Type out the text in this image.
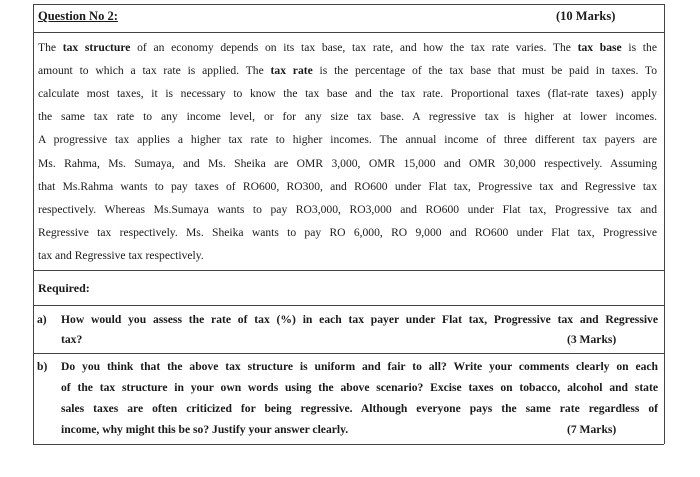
Question No 2:	(10 Marks)
The tax structure of an economy depends on its tax base, tax rate, and how the tax rate varies. The tax base is the
amount to which a tax rate is applied. The tax rate is the percentage of the tax base that must be paid in taxes. To
calculate most taxes, it is necessary to know the tax base and the tax rate. Proportional taxes (flat-rate taxes) apply
the same tax rate to any income level, or for any size tax base. A regressive tax is higher at lower incomes.
A progressive tax applies a higher tax rate to higher incomes. The annual income of three different tax payers are
Ms. Rahma, Ms. Sumaya, and Ms. Sheika are OMR 3,000, OMR 15,000 and OMR 30,000 respectively. Assuming
that Ms.Rahma wants to pay taxes of RO600, RO300, and RO600 under Flat tax, Progressive tax and Regressive tax
respectively. Whereas Ms.Sumaya wants to pay RO3,000, RO3,000 and RO600 under Flat tax, Progressive tax and
Regressive tax respectively. Ms. Sheika wants to pay RO 6,000, RO 9,000 and RO600 under Flat tax, Progressive
tax and Regressive tax respectively.
Required:
a) How would you assess the rate of tax (%) in each tax payer under Flat tax, Progressive tax and Regressive
tax?	(3 Marks)
b) Do you think that the above tax structure is uniform and fair to all? Write your comments clearly on each
of the tax structure in your own words using the above scenario? Excise taxes on tobacco, alcohol and state
sales taxes are often criticized for being regressive. Although everyone pays the same rate regardless of
income, why might this be so? Justify your answer clearly.	(7 Marks)
